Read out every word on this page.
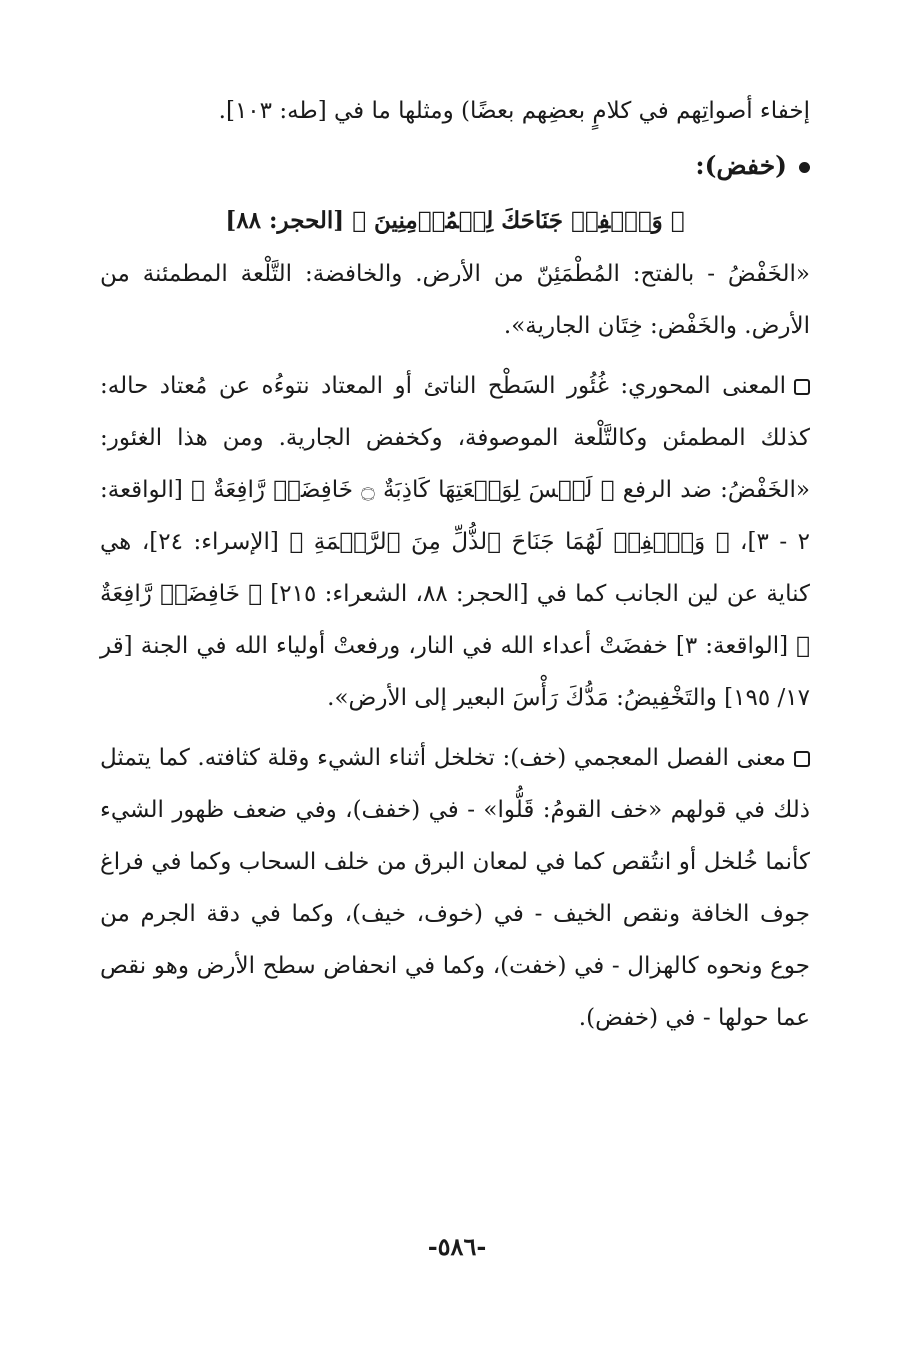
إخفاء أصواتِهم في كلامٍ بعضِهم بعضًا) ومثلها ما في [طه: ١٠٣].
(خفض):
﴿ وَٱخۡفِضۡ جَنَاحَكَ لِلۡمُؤۡمِنِينَ ﴾ [الحجر: ٨٨]

«الخَفْضُ - بالفتح: المُطْمَئِنّ من الأرض. والخافضة: التَّلْعة المطمئنة من الأرض. والخَفْض: خِتَان الجارية».

المعنى المحوري: غُئُور السَطْح الناتئ أو المعتاد نتوءُه عن مُعتاد حاله: كذلك المطمئن وكالتَّلْعة الموصوفة، وكخفض الجارية. ومن هذا الغئور: «الخَفْضُ: ضد الرفع ﴿ لَيۡسَ لِوَقۡعَتِهَا كَاذِبَةٌ ۝ خَافِضَةٞ رَّافِعَةٌ ﴾ [الواقعة: ٢ - ٣]، ﴿ وَٱخۡفِضۡ لَهُمَا جَنَاحَ ٱلذُّلِّ مِنَ ٱلرَّحۡمَةِ ﴾ [الإسراء: ٢٤]، هي كناية عن لين الجانب كما في [الحجر: ٨٨، الشعراء: ٢١٥] ﴿ خَافِضَةٞ رَّافِعَةٌ ﴾ [الواقعة: ٣] خفضَتْ أعداء الله في النار، ورفعتْ أولياء الله في الجنة [قر ١٧/ ١٩٥] والتَخْفِيضُ: مَدُّكَ رَأْسَ البعير إلى الأرض».

معنى الفصل المعجمي (خف): تخلخل أثناء الشيء وقلة كثافته. كما يتمثل ذلك في قولهم «خف القومُ: قَلُّوا» - في (خفف)، وفي ضعف ظهور الشيء كأنما خُلخل أو انتُقص كما في لمعان البرق من خلف السحاب وكما في فراغ جوف الخافة ونقص الخيف - في (خوف، خيف)، وكما في دقة الجرم من جوع ونحوه كالهزال - في (خفت)، وكما في انحفاض سطح الأرض وهو نقص عما حولها - في (خفض).

-٥٨٦-
